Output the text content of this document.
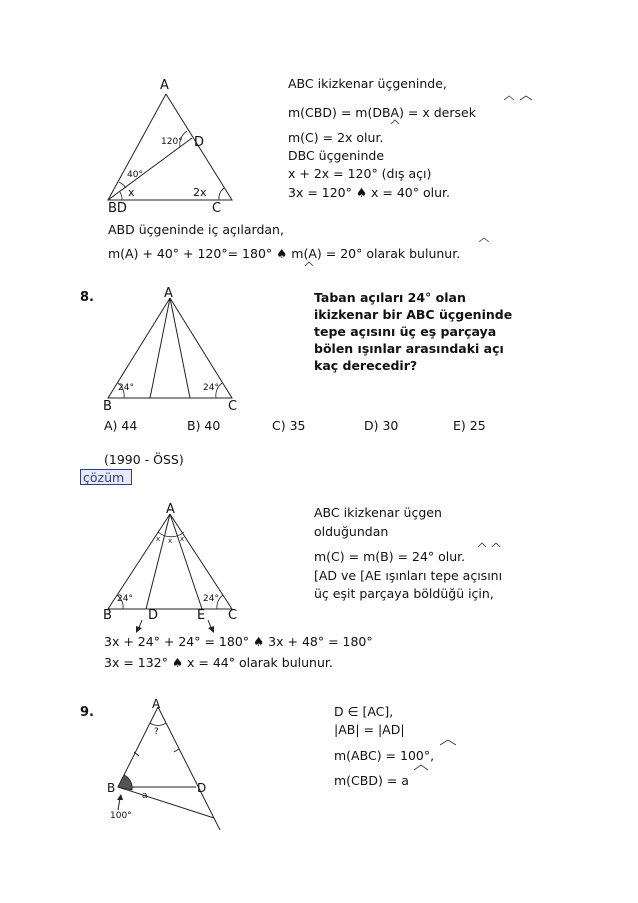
x x x
A
D
120°
40°
x	2x
BD	C
ABC ikizkenar üçgeninde,
m(CBD) = m(DBA) = x dersek
m(C) = 2x olur.
DBC üçgeninde
x + 2x = 120° (dış açı)
3x = 120° ♠ x = 40° olur.
ABD üçgeninde iç açılardan,
m(A) + 40° + 120°= 180° ♠ m(A) = 20° olarak bulunur.
8.	A
24°	24°
B	C
Taban açıları 24° olan
ikizkenar bir ABC üçgeninde
tepe açısını üç eş parçaya
bölen ışınlar arasındaki açı
kaç derecedir?
A) 44	B) 40	C) 35	D) 30	E) 25
(1990 - ÖSS)
çözüm
A
24°	24°
B	D	E C
ABC ikizkenar üçgen
olduğundan
m(C) = m(B) = 24° olur.
[AD ve [AE ışınları tepe açısını
üç eşit parçaya böldüğü için,
3x + 24° + 24° = 180° ♠ 3x + 48° = 180°
3x = 132° ♠ x = 44° olarak bulunur.
9.
A
?
B
a
D
100°
D ∈ [AC],
|AB| = |AD|
m(ABC) = 100°,
m(CBD) = a
